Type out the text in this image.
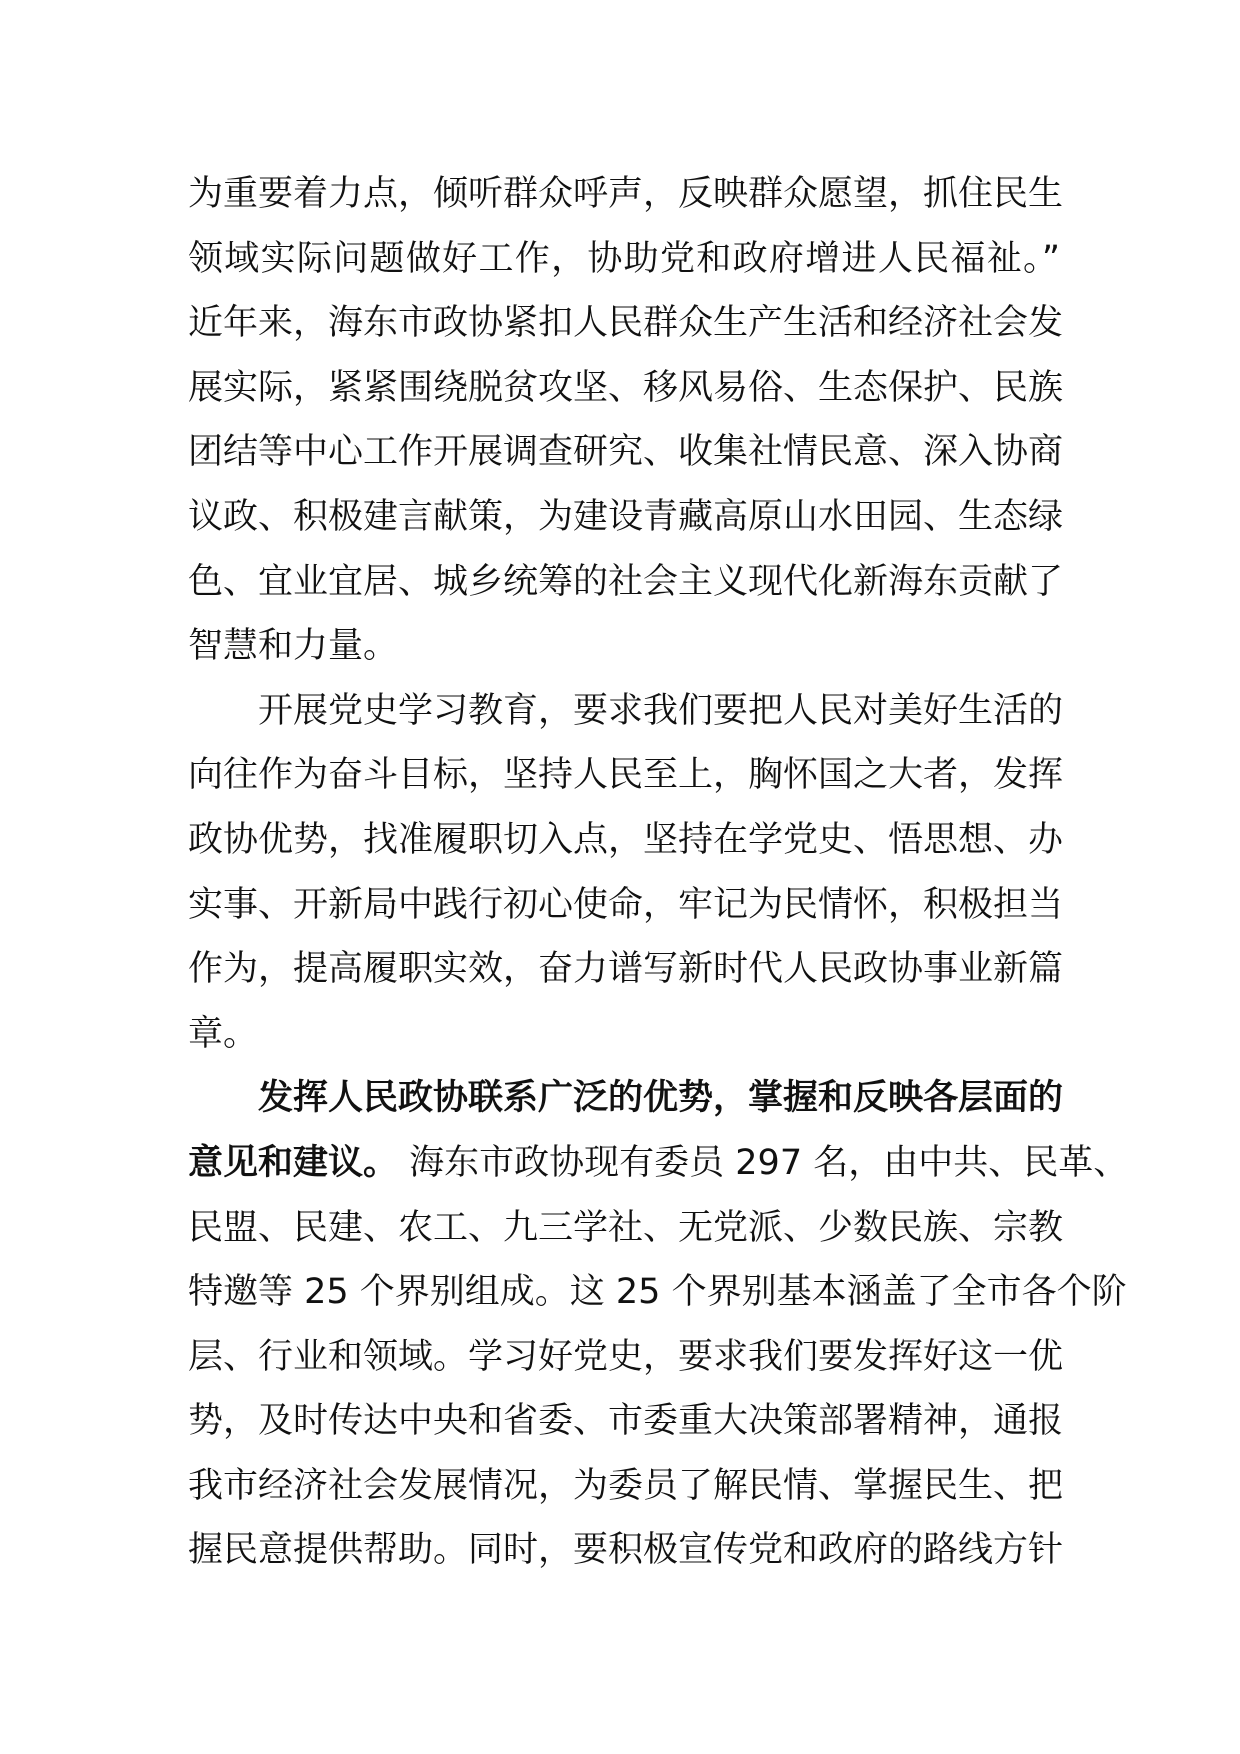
为重要着力点，倾听群众呼声，反映群众愿望，抓住民生
领域实际问题做好工作，协助党和政府增进人民福祉。”
近年来，海东市政协紧扣人民群众生产生活和经济社会发
展实际，紧紧围绕脱贫攻坚、移风易俗、生态保护、民族
团结等中心工作开展调查研究、收集社情民意、深入协商
议政、积极建言献策，为建设青藏高原山水田园、生态绿
色、宜业宜居、城乡统筹的社会主义现代化新海东贡献了
智慧和力量。
开展党史学习教育，要求我们要把人民对美好生活的
向往作为奋斗目标，坚持人民至上，胸怀国之大者，发挥
政协优势，找准履职切入点，坚持在学党史、悟思想、办
实事、开新局中践行初心使命，牢记为民情怀，积极担当
作为，提高履职实效，奋力谱写新时代人民政协事业新篇
章。
发挥人民政协联系广泛的优势，掌握和反映各层面的
意见和建议。 海东市政协现有委员 297 名，由中共、民革、
民盟、民建、农工、九三学社、无党派、少数民族、宗教
特邀等 25 个界别组成。这 25 个界别基本涵盖了全市各个阶
层、行业和领域。学习好党史，要求我们要发挥好这一优
势，及时传达中央和省委、市委重大决策部署精神，通报
我市经济社会发展情况，为委员了解民情、掌握民生、把
握民意提供帮助。同时，要积极宣传党和政府的路线方针
